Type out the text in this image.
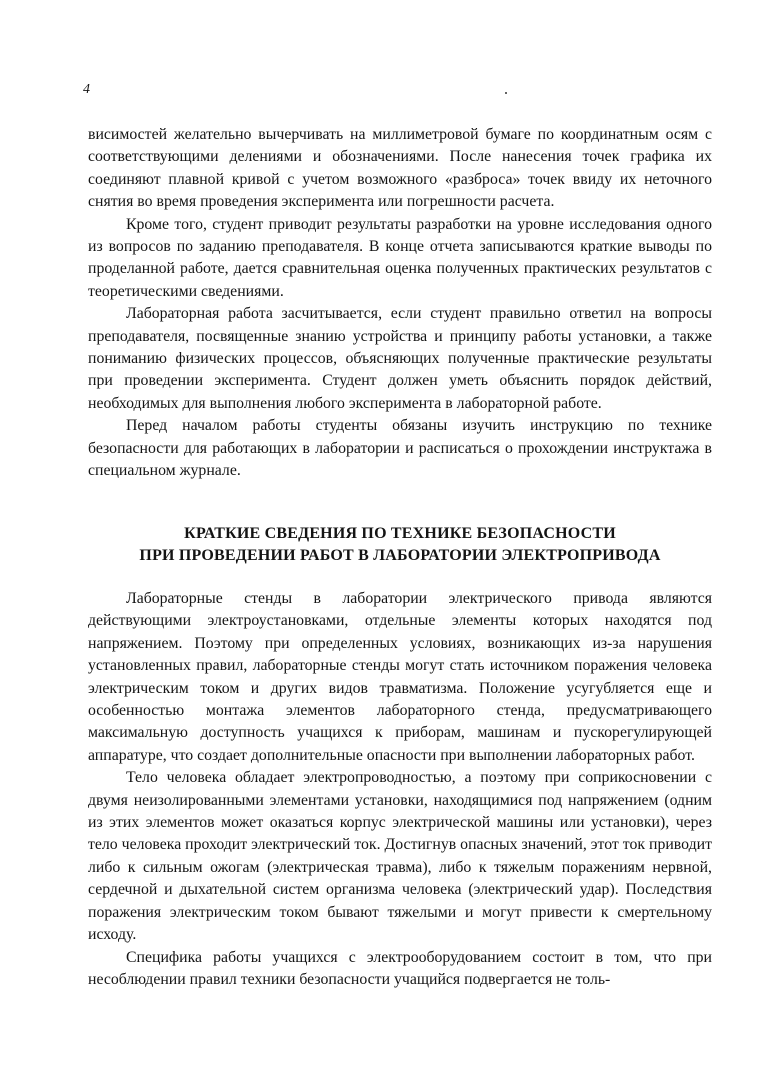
4

висимостей желательно вычерчивать на миллиметровой бумаге по координатным осям с соответствующими делениями и обозначениями. После нанесения точек графика их соединяют плавной кривой с учетом возможного «разброса» точек ввиду их неточного снятия во время проведения эксперимента или погрешности расчета.

Кроме того, студент приводит результаты разработки на уровне исследования одного из вопросов по заданию преподавателя. В конце отчета записываются краткие выводы по проделанной работе, дается сравнительная оценка полученных практических результатов с теоретическими сведениями.

Лабораторная работа засчитывается, если студент правильно ответил на вопросы преподавателя, посвященные знанию устройства и принципу работы установки, а также пониманию физических процессов, объясняющих полученные практические результаты при проведении эксперимента. Студент должен уметь объяснить порядок действий, необходимых для выполнения любого эксперимента в лабораторной работе.

Перед началом работы студенты обязаны изучить инструкцию по технике безопасности для работающих в лаборатории и расписаться о прохождении инструктажа в специальном журнале.

КРАТКИЕ СВЕДЕНИЯ ПО ТЕХНИКЕ БЕЗОПАСНОСТИ
ПРИ ПРОВЕДЕНИИ РАБОТ В ЛАБОРАТОРИИ ЭЛЕКТРОПРИВОДА

Лабораторные стенды в лаборатории электрического привода являются действующими электроустановками, отдельные элементы которых находятся под напряжением. Поэтому при определенных условиях, возникающих из-за нарушения установленных правил, лабораторные стенды могут стать источником поражения человека электрическим током и других видов травматизма. Положение усугубляется еще и особенностью монтажа элементов лабораторного стенда, предусматривающего максимальную доступность учащихся к приборам, машинам и пускорегулирующей аппаратуре, что создает дополнительные опасности при выполнении лабораторных работ.

Тело человека обладает электропроводностью, а поэтому при соприкосновении с двумя неизолированными элементами установки, находящимися под напряжением (одним из этих элементов может оказаться корпус электрической машины или установки), через тело человека проходит электрический ток. Достигнув опасных значений, этот ток приводит либо к сильным ожогам (электрическая травма), либо к тяжелым поражениям нервной, сердечной и дыхательной систем организма человека (электрический удар). Последствия поражения электрическим током бывают тяжелыми и могут привести к смертельному исходу.

Специфика работы учащихся с электрооборудованием состоит в том, что при несоблюдении правил техники безопасности учащийся подвергается не толь-
